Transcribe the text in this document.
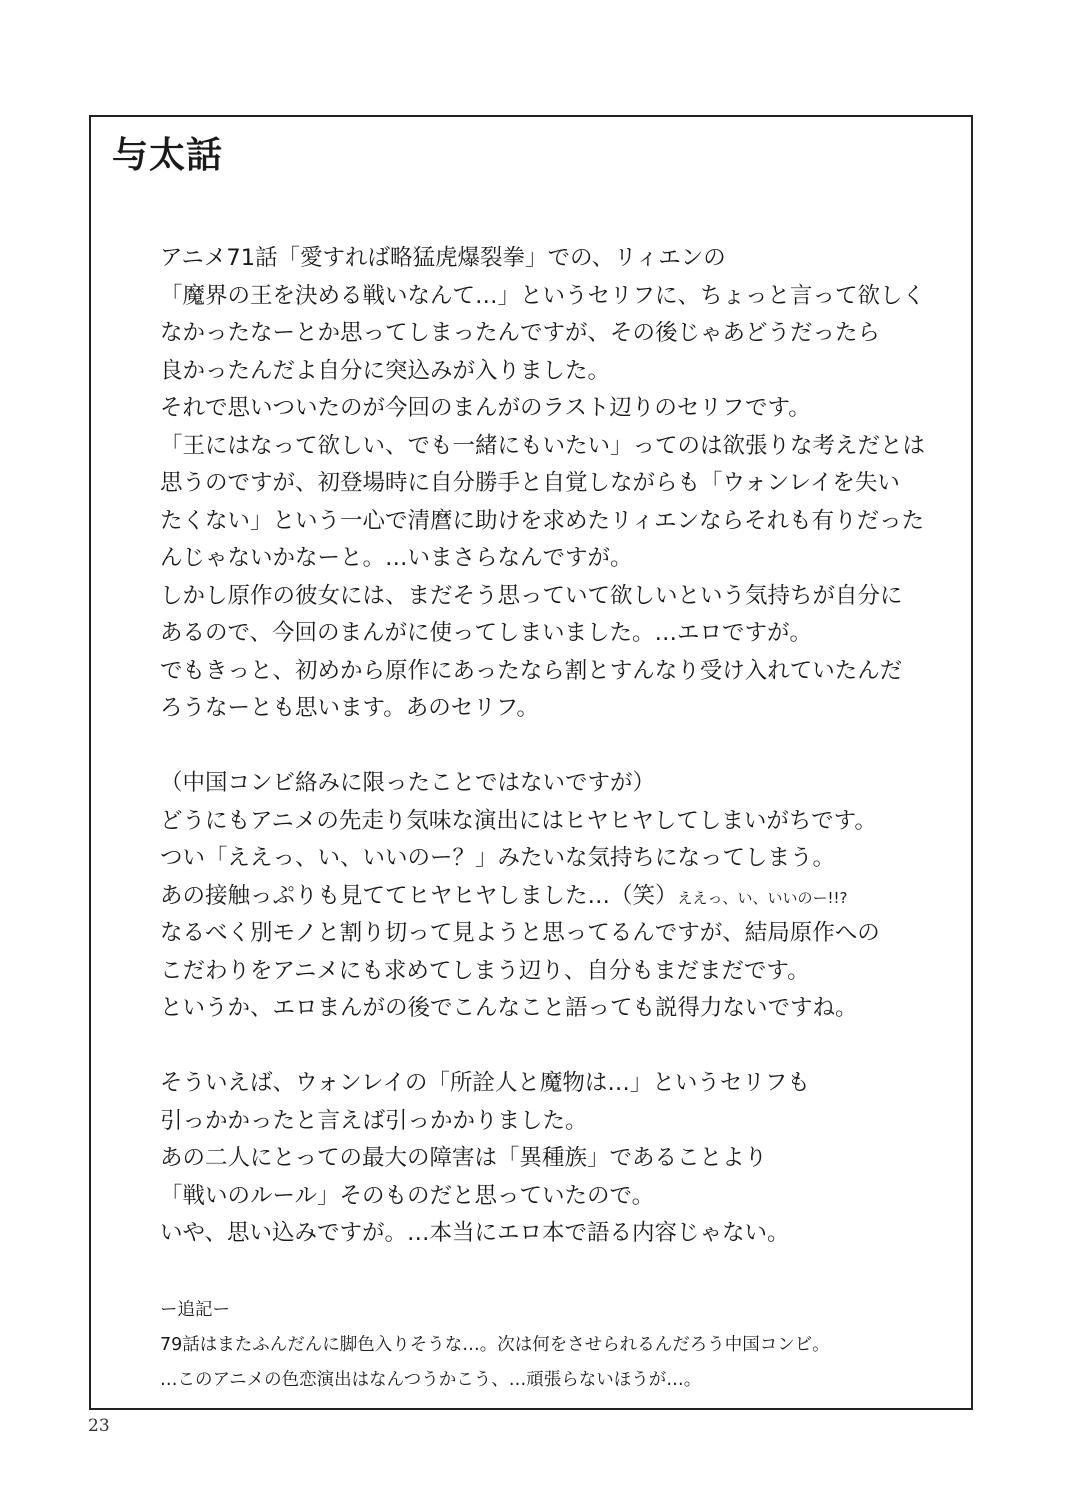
与太話
アニメ71話「愛すれば略猛虎爆裂拳」での、リィエンの
「魔界の王を決める戦いなんて…」というセリフに、ちょっと言って欲しく
なかったなーとか思ってしまったんですが、その後じゃあどうだったら
良かったんだよ自分に突込みが入りました。
それで思いついたのが今回のまんがのラスト辺りのセリフです。
「王にはなって欲しい、でも一緒にもいたい」ってのは欲張りな考えだとは
思うのですが、初登場時に自分勝手と自覚しながらも「ウォンレイを失い
たくない」という一心で清麿に助けを求めたリィエンならそれも有りだった
んじゃないかなーと。…いまさらなんですが。
しかし原作の彼女には、まだそう思っていて欲しいという気持ちが自分に
あるので、今回のまんがに使ってしまいました。…エロですが。
でもきっと、初めから原作にあったなら割とすんなり受け入れていたんだ
ろうなーとも思います。あのセリフ。
（中国コンビ絡みに限ったことではないですが）
どうにもアニメの先走り気味な演出にはヒヤヒヤしてしまいがちです。
つい「ええっ、い、いいのー？」みたいな気持ちになってしまう。
あの接触っぷりも見ててヒヤヒヤしました…（笑）ええっ、い、いいのー!!?
なるべく別モノと割り切って見ようと思ってるんですが、結局原作への
こだわりをアニメにも求めてしまう辺り、自分もまだまだです。
というか、エロまんがの後でこんなこと語っても説得力ないですね。
そういえば、ウォンレイの「所詮人と魔物は…」というセリフも
引っかかったと言えば引っかかりました。
あの二人にとっての最大の障害は「異種族」であることより
「戦いのルール」そのものだと思っていたので。
いや、思い込みですが。…本当にエロ本で語る内容じゃない。
ー追記ー
79話はまたふんだんに脚色入りそうな…。次は何をさせられるんだろう中国コンビ。
…このアニメの色恋演出はなんつうかこう、…頑張らないほうが…。
23
